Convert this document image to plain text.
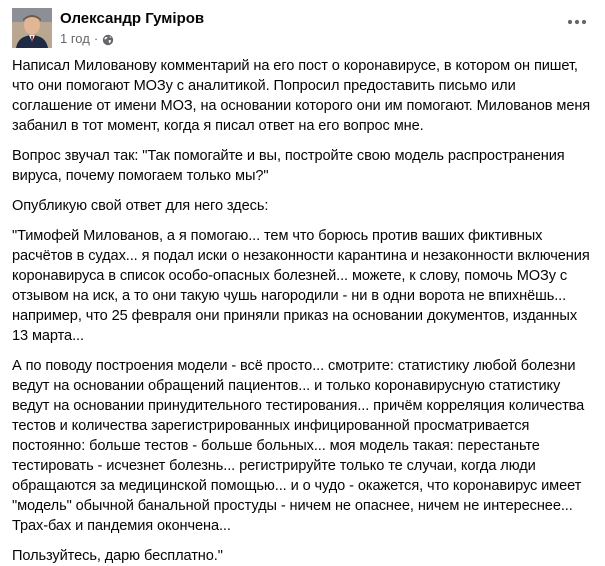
Олександр Гуміров
1 год ·

Написал Милованову комментарий на его пост о коронавирусе, в котором он пишет, что они помогают МОЗу с аналитикой. Попросил предоставить письмо или соглашение от имени МОЗ, на основании которого они им помогают. Милованов меня забанил в тот момент, когда я писал ответ на его вопрос мне.

Вопрос звучал так: "Так помогайте и вы, постройте свою модель распространения вируса, почему помогаем только мы?"

Опубликую свой ответ для него здесь:

"Тимофей Милованов, а я помогаю... тем что борюсь против ваших фиктивных расчётов в судах... я подал иски о незаконности карантина и незаконности включения коронавируса в список особо-опасных болезней... можете, к слову, помочь МОЗу с отзывом на иск, а то они такую чушь нагородили - ни в одни ворота не впихнёшь... например, что 25 февраля они приняли приказ на основании документов, изданных 13 марта...

А по поводу построения модели - всё просто... смотрите: статистику любой болезни ведут на основании обращений пациентов... и только коронавирусную статистику ведут на основании принудительного тестирования... причём корреляция количества тестов и количества зарегистрированных инфицированной просматривается постоянно: больше тестов - больше больных... моя модель такая: перестаньте тестировать - исчезнет болезнь... регистрируйте только те случаи, когда люди обращаются за медицинской помощью... и о чудо - окажется, что коронавирус имеет "модель" обычной банальной простуды - ничем не опаснее, ничем не интереснее... Трах-бах и пандемия окончена...

Пользуйтесь, дарю бесплатно."
